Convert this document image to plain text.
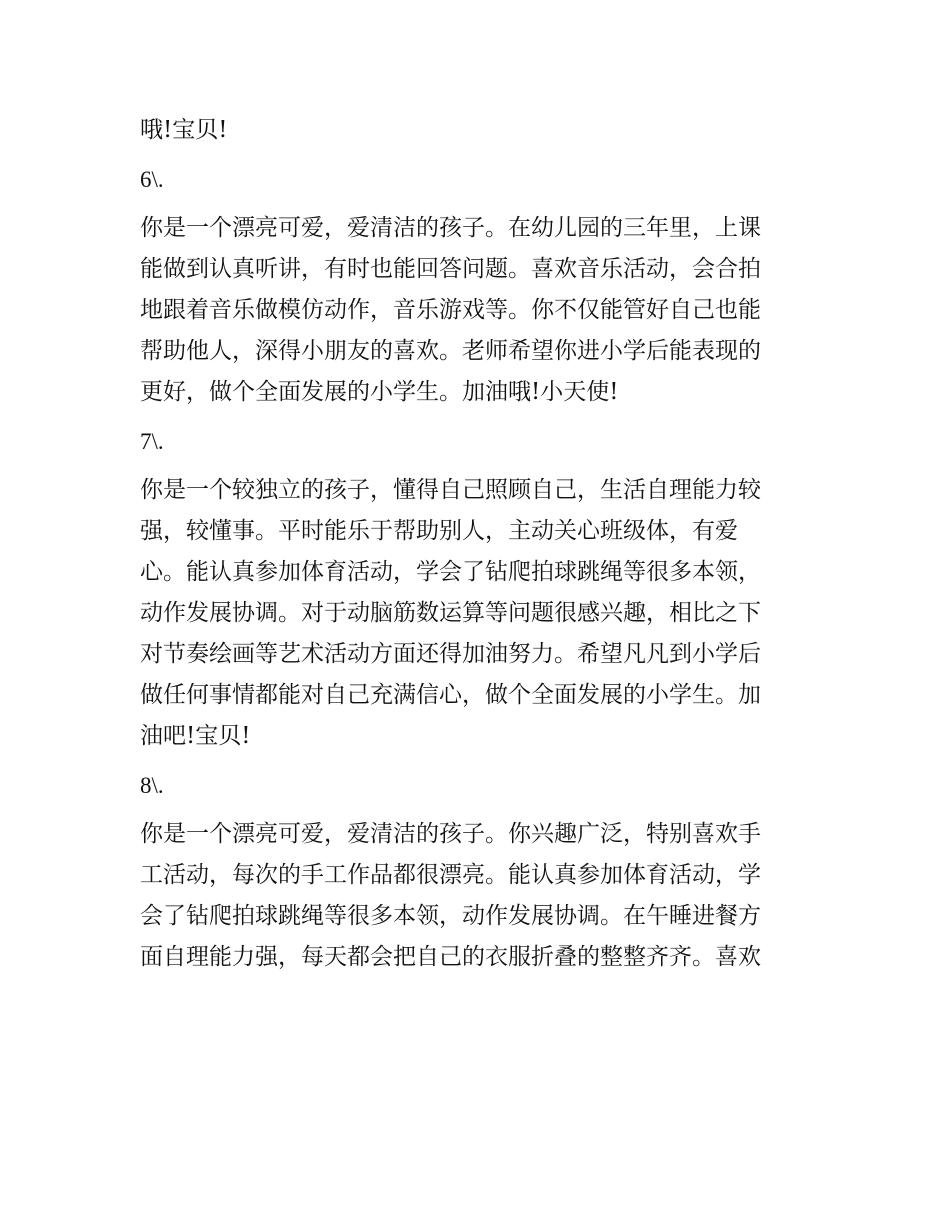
哦!宝贝!
6\.
你是一个漂亮可爱，爱清洁的孩子。在幼儿园的三年里，上课
能做到认真听讲，有时也能回答问题。喜欢音乐活动，会合拍
地跟着音乐做模仿动作，音乐游戏等。你不仅能管好自己也能
帮助他人，深得小朋友的喜欢。老师希望你进小学后能表现的
更好，做个全面发展的小学生。加油哦!小天使!
7\.
你是一个较独立的孩子，懂得自己照顾自己，生活自理能力较
强，较懂事。平时能乐于帮助别人，主动关心班级体，有爱
心。能认真参加体育活动，学会了钻爬拍球跳绳等很多本领，
动作发展协调。对于动脑筋数运算等问题很感兴趣，相比之下
对节奏绘画等艺术活动方面还得加油努力。希望凡凡到小学后
做任何事情都能对自己充满信心，做个全面发展的小学生。加
油吧!宝贝!
8\.
你是一个漂亮可爱，爱清洁的孩子。你兴趣广泛，特别喜欢手
工活动，每次的手工作品都很漂亮。能认真参加体育活动，学
会了钻爬拍球跳绳等很多本领，动作发展协调。在午睡进餐方
面自理能力强，每天都会把自己的衣服折叠的整整齐齐。喜欢
